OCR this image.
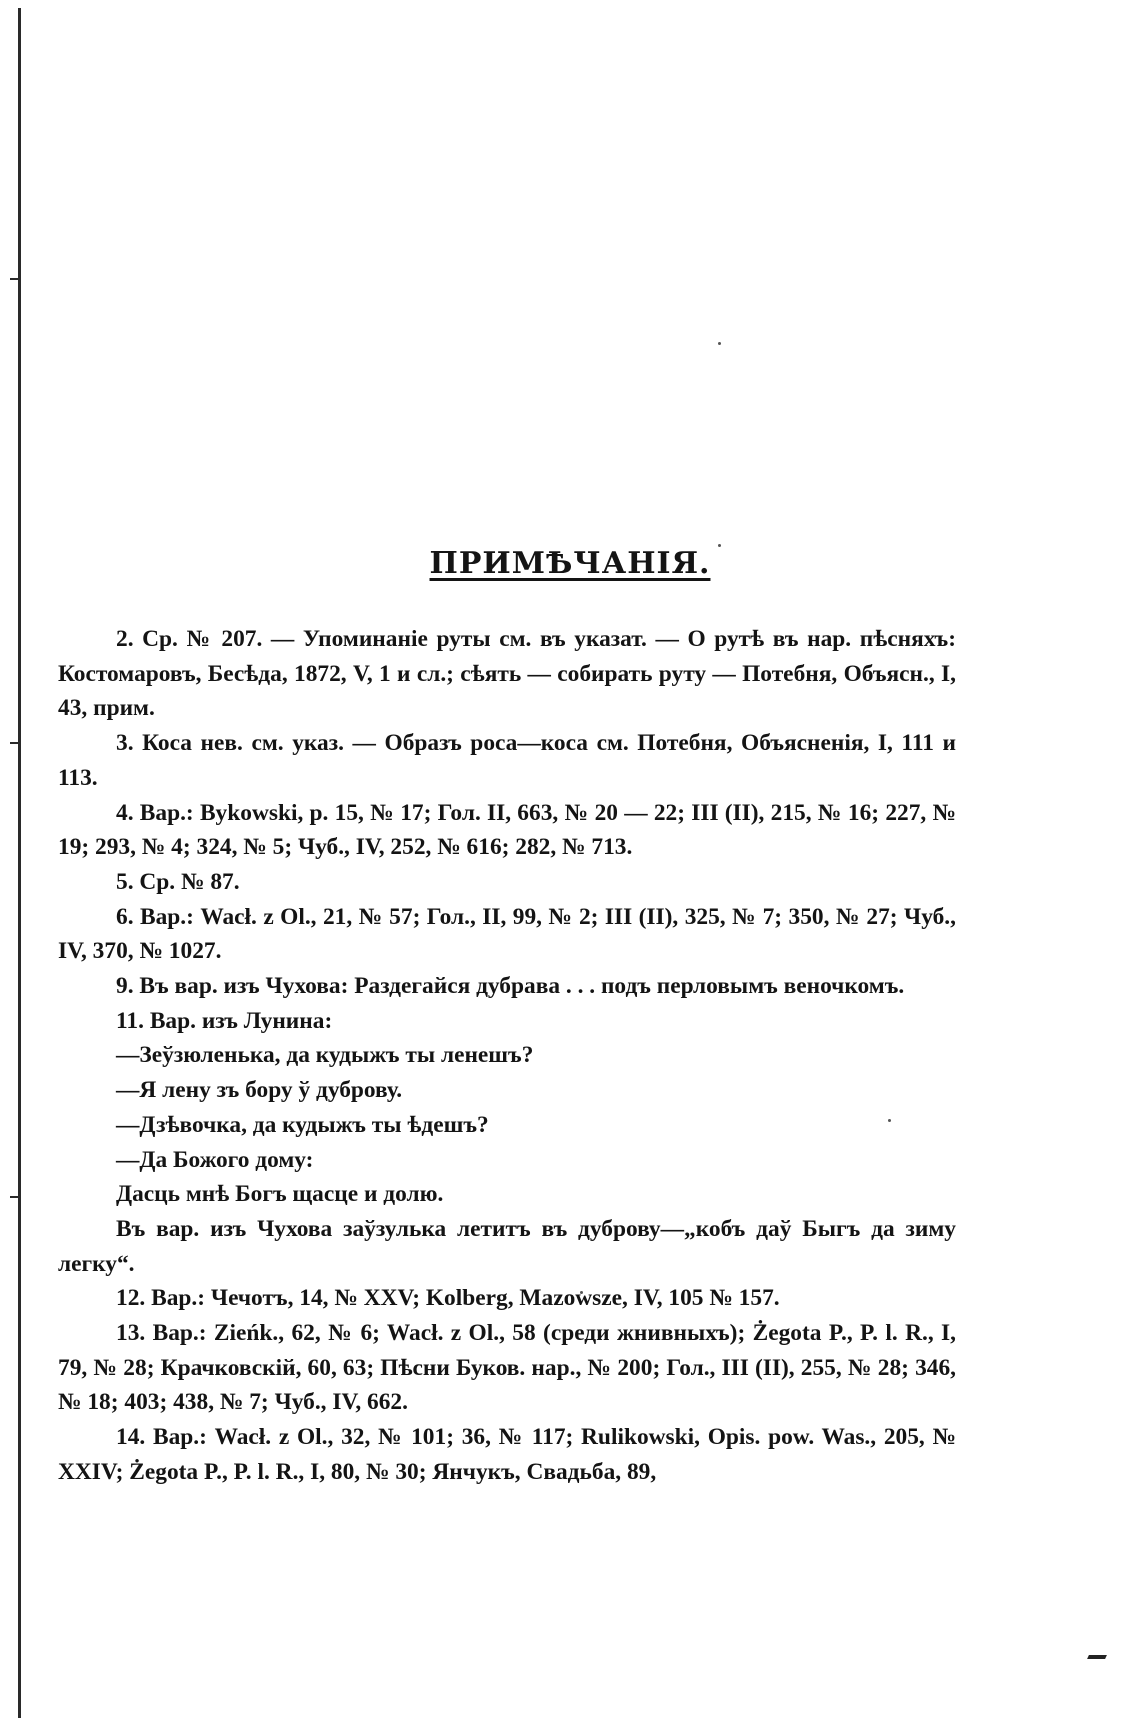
ПРИМѢЧАНІЯ.

2. Ср. № 207. — Упоминаніе руты см. въ указат. — О рутѣ въ нар. пѣсняхъ: Костомаровъ, Бесѣда, 1872, V, 1 и сл.; сѣять — собирать руту — Потебня, Объясн., I, 43, прим.

3. Коса нев. см. указ. — Образъ роса—коса см. Потебня, Объясненія, I, 111 и 113.

4. Вар.: Bykowski, p. 15, № 17; Гол. II, 663, № 20 — 22; III (II), 215, № 16; 227, № 19; 293, № 4; 324, № 5; Чуб., IV, 252, № 616; 282, № 713.

5. Ср. № 87.

6. Вар.: Wacł. z Ol., 21, № 57; Гол., II, 99, № 2; III (II), 325, № 7; 350, № 27; Чуб., IV, 370, № 1027.

9. Въ вар. изъ Чухова: Раздегайся дубрава . . . подъ перловымъ веночкомъ.

11. Вар. изъ Лунина:

—Зеўзюленька, да кудыжъ ты ленешъ?

—Я лену зъ бору ў дуброву.

—Дзѣвочка, да кудыжъ ты ѣдешъ?

—Да Божого дому:

Дасць мнѣ Богъ щасце и долю.

Въ вар. изъ Чухова заўзулька летитъ въ дуброву—„кобъ даў Быгъ да зиму легку“.

12. Вар.: Чечотъ, 14, № XXV; Kolberg, Mazowsze, IV, 105 № 157.

13. Вар.: Zieńk., 62, № 6; Wacł. z Ol., 58 (среди жнивныхъ); Żegota P., P. l. R., I, 79, № 28; Крачковскій, 60, 63; Пѣсни Буков. нар., № 200; Гол., III (II), 255, № 28; 346, № 18; 403; 438, № 7; Чуб., IV, 662.

14. Вар.: Wacł. z Ol., 32, № 101; 36, № 117; Rulikowski, Opis. pow. Was., 205, № XXIV; Żegota P., P. l. R., I, 80, № 30; Янчукъ, Свадьба, 89,
